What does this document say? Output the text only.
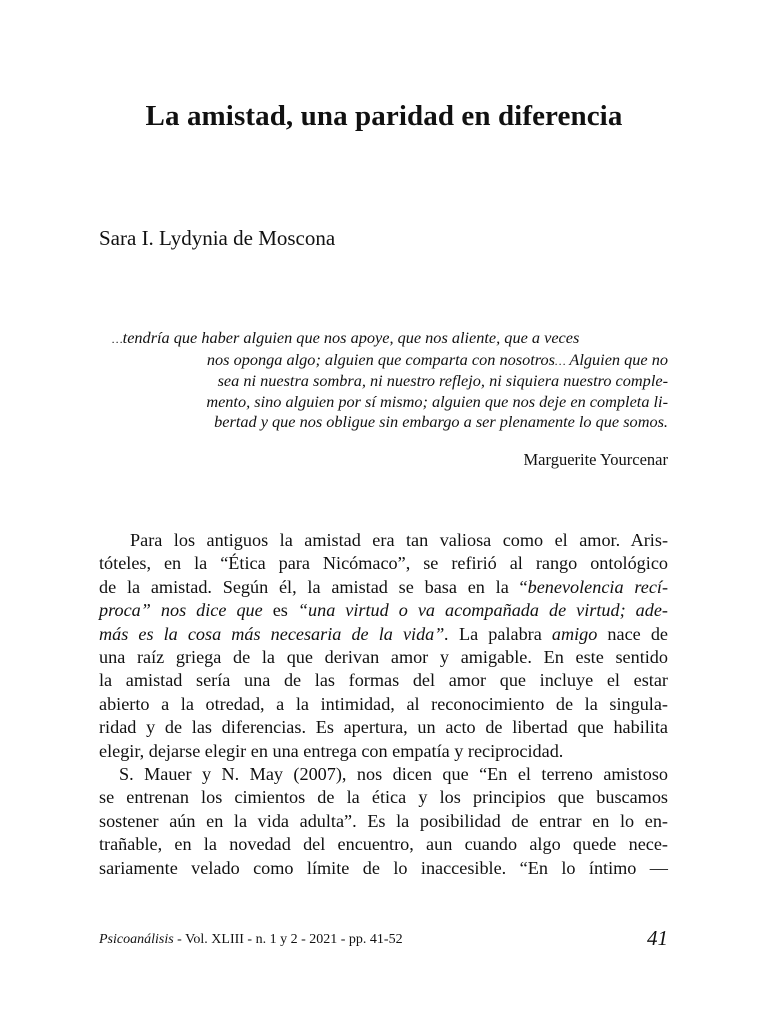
La amistad, una paridad en diferencia
Sara I. Lydynia de Moscona
…tendría que haber alguien que nos apoye, que nos aliente, que a veces
nos oponga algo; alguien que comparta con nosotros… Alguien que no
sea ni nuestra sombra, ni nuestro reflejo, ni siquiera nuestro comple-
mento, sino alguien por sí mismo; alguien que nos deje en completa li-
bertad y que nos obligue sin embargo a ser plenamente lo que somos.
Marguerite Yourcenar
Para los antiguos la amistad era tan valiosa como el amor. Aris-
tóteles, en la “Ética para Nicómaco”, se refirió al rango ontológico
de la amistad. Según él, la amistad se basa en la “benevolencia recí-
proca” nos dice que es “una virtud o va acompañada de virtud; ade-
más es la cosa más necesaria de la vida”. La palabra amigo nace de
una raíz griega de la que derivan amor y amigable. En este sentido
la amistad sería una de las formas del amor que incluye el estar
abierto a la otredad, a la intimidad, al reconocimiento de la singula-
ridad y de las diferencias. Es apertura, un acto de libertad que habilita
elegir, dejarse elegir en una entrega con empatía y reciprocidad.
S. Mauer y N. May (2007), nos dicen que “En el terreno amistoso
se entrenan los cimientos de la ética y los principios que buscamos
sostener aún en la vida adulta”. Es la posibilidad de entrar en lo en-
trañable, en la novedad del encuentro, aun cuando algo quede nece-
sariamente velado como límite de lo inaccesible. “En lo íntimo —
Psicoanálisis - Vol. XLIII - n. 1 y 2 - 2021 - pp. 41-52	41
